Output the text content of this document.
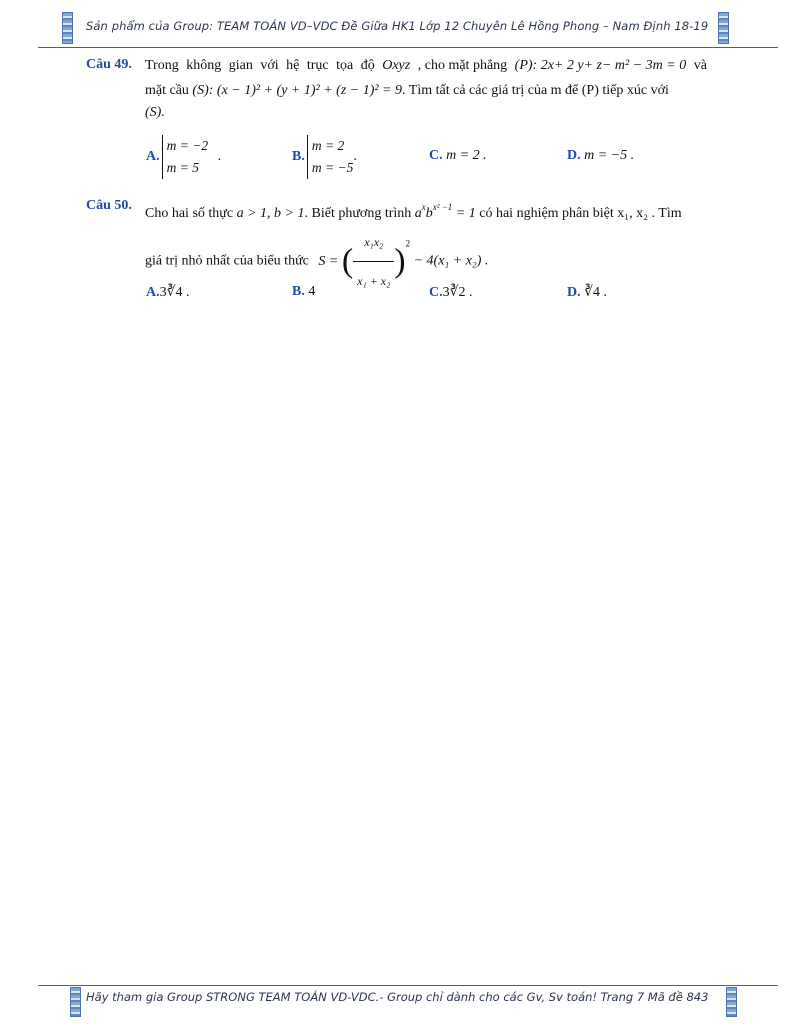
Sản phẩm của Group: TEAM TOÁN VD–VDC Đề Giữa HK1 Lớp 12 Chuyên Lê Hồng Phong – Nam Định 18-19
Câu 49. Trong không gian với hệ trục tọa độ Oxyz , cho mặt phẳng (P): 2x+ 2 y+ z− m² − 3m = 0 và
mặt cầu (S): (x − 1)² + (y + 1)² + (z − 1)² = 9. Tìm tất cả các giá trị của m để (P) tiếp xúc với
(S).
A.
m = −2
m = 5
.	B.
m = 2
m = −5
.	C. m = 2 .	D. m = −5 .
Câu 50.
Cho hai số thực a > 1, b > 1. Biết phương trình $a^xb^{x^2 -1} = 1$ có hai nghiệm phân biệt x₁, x₂ . Tìm
giá trị nhỏ nhất của biểu thức S = ( $\frac{\text{x₁x₂}}{\text{x₁ + x₂}} )^2 - 4(x_1 + x_2)$ .
A.3∛4 .	B. 4	C.3∛2 .	D. ∛4 .
Hãy tham gia Group STRONG TEAM TOÁN VD-VDC.- Group chỉ dành cho các Gv, Sv toán! Trang 7 Mã đề 843
